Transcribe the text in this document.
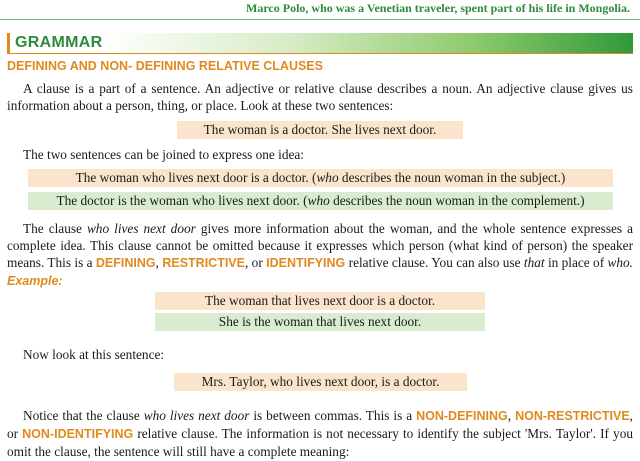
Marco Polo, who was a Venetian traveler, spent part of his life in Mongolia.
GRAMMAR
DEFINING AND NON- DEFINING RELATIVE CLAUSES

A clause is a part of a sentence. An adjective or relative clause describes a noun. An adjective clause gives us information about a person, thing, or place. Look at these two sentences:

The woman is a doctor. She lives next door.

The two sentences can be joined to express one idea:

The woman who lives next door is a doctor. (who describes the noun woman in the subject.)
The doctor is the woman who lives next door. (who describes the noun woman in the complement.)

The clause who lives next door gives more information about the woman, and the whole sentence expresses a complete idea. This clause cannot be omitted because it expresses which person (what kind of person) the speaker means. This is a DEFINING, RESTRICTIVE, or IDENTIFYING relative clause. You can also use that in place of who. Example:

The woman that lives next door is a doctor.
She is the woman that lives next door.

Now look at this sentence:

Mrs. Taylor, who lives next door, is a doctor.

Notice that the clause who lives next door is between commas. This is a NON-DEFINING, NON-RESTRICTIVE, or NON-IDENTIFYING relative clause. The information is not necessary to identify the subject 'Mrs. Taylor'. If you omit the clause, the sentence will still have a complete meaning:
